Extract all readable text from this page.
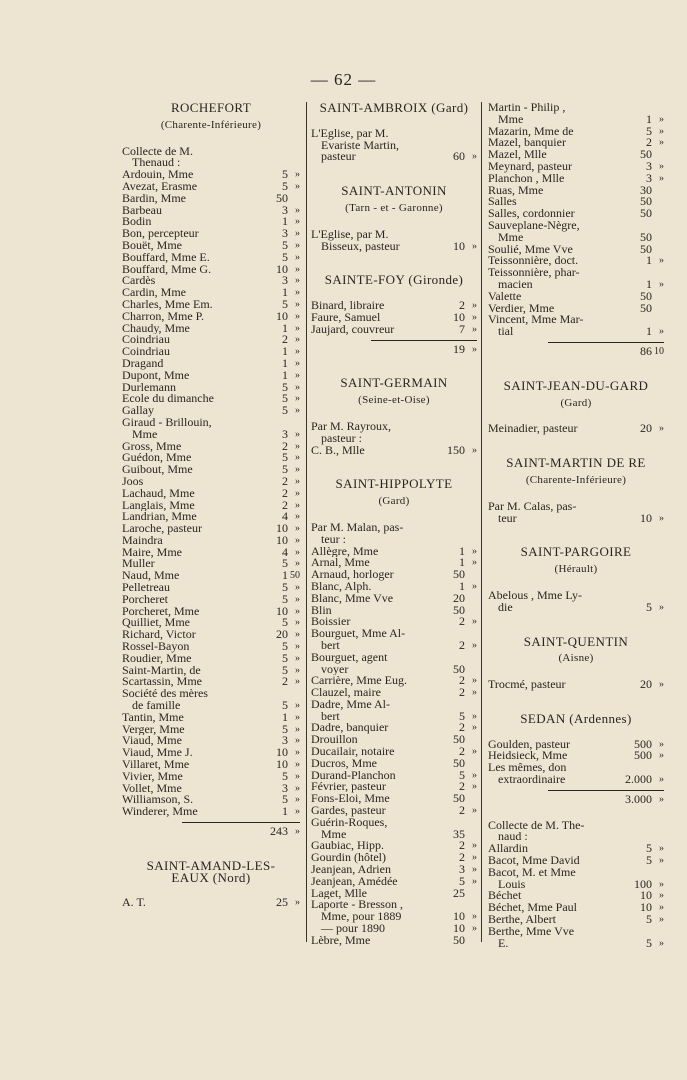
— 62 —
ROCHEFORT
(Charente-Inférieure)
Collecte de M.
Thenaud :
Ardouin, Mme	5 »
Avezat, Erasme	5 »
Bardin, Mme	50
Barbeau	3 »
Bodin	1 »
Bon, percepteur	3 »
Bouët, Mme	5 »
Bouffard, Mme E.	5 »
Bouffard, Mme G.	10 »
Cardès	3 »
Cardin, Mme	1 »
Charles, Mme Em.	5 »
Charron, Mme P.	10 »
Chaudy, Mme	1 »
Coindriau	2 »
Coindriau	1 »
Dragand	1 »
Dupont, Mme	1 »
Durlemann	5 »
Ecole du dimanche	5 »
Gallay	5 »
Giraud - Brillouin,
Mme	3 »
Gross, Mme	2 »
Guédon, Mme	5 »
Guibout, Mme	5 »
Joos	2 »
Lachaud, Mme	2 »
Langlais, Mme	2 »
Landrian, Mme	4 »
Laroche, pasteur	10 »
Maindra	10 »
Maire, Mme	4 »
Muller	5 »
Naud, Mme	1 50
Pelletreau	5 »
Porcheret	5 »
Porcheret, Mme	10 »
Quilliet, Mme	5 »
Richard, Victor	20 »
Rossel-Bayon	5 »
Roudier, Mme	5 »
Saint-Martin, de	5 »
Scartassin, Mme	2 »
Société des mères
de famille	5 »
Tantin, Mme	1 »
Verger, Mme	5 »
Viaud, Mme	3 »
Viaud, Mme J.	10 »
Villaret, Mme	10 »
Vivier, Mme	5 »
Vollet, Mme	3 »
Williamson, S.	5 »
Winderer, Mme	1 »
243 »
SAINT-AMAND-LES-
EAUX (Nord)
A. T.	25 »
SAINT-AMBROIX (Gard)
L'Eglise, par M.
Evariste Martin,
pasteur	60 »
SAINT-ANTONIN
(Tarn - et - Garonne)
L'Eglise, par M.
Bisseux, pasteur	10 »
SAINTE-FOY (Gironde)
Binard, libraire	2 »
Faure, Samuel	10 »
Jaujard, couvreur	7 »
19 »
SAINT-GERMAIN
(Seine-et-Oise)
Par M. Rayroux,
pasteur :
C. B., Mlle	150 »
SAINT-HIPPOLYTE
(Gard)
Par M. Malan, pas-
teur :
Allègre, Mme	1 »
Arnal, Mme	1 »
Arnaud, horloger	50
Blanc, Alph.	1 »
Blanc, Mme Vve	20
Blin	50
Boissier	2 »
Bourguet, Mme Al-
bert	2 »
Bourguet, agent
voyer	50
Carrière, Mme Eug.	2 »
Clauzel, maire	2 »
Dadre, Mme Al-
bert	5 »
Dadre, banquier	2 »
Drouillon	50
Ducailair, notaire	2 »
Ducros, Mme	50
Durand-Planchon	5 »
Février, pasteur	2 »
Fons-Eloi, Mme	50
Gardes, pasteur	2 »
Guérin-Roques,
Mme	35
Gaubiac, Hipp.	2 »
Gourdin (hôtel)	2 »
Jeanjean, Adrien	3 »
Jeanjean, Amédée	5 »
Laget, Mlle	25
Laporte - Bresson ,
Mme, pour 1889	10 »
— pour 1890	10 »
Lèbre, Mme	50
Martin - Philip ,
Mme	1 »
Mazarin, Mme de	5 »
Mazel, banquier	2 »
Mazel, Mlle	50
Meynard, pasteur	3 »
Planchon , Mlle	3 »
Ruas, Mme	30
Salles	50
Salles, cordonnier	50
Sauveplane-Nègre,
Mme	50
Soulié, Mme Vve	50
Teissonnière, doct.	1 »
Teissonnière, phar-
macien	1 »
Valette	50
Verdier, Mme	50
Vincent, Mme Mar-
tial	1 »
86 10
SAINT-JEAN-DU-GARD
(Gard)
Meinadier, pasteur	20 »
SAINT-MARTIN DE RE
(Charente-Inférieure)
Par M. Calas, pas-
teur	10 »
SAINT-PARGOIRE
(Hérault)
Abelous , Mme Ly-
die	5 »
SAINT-QUENTIN
(Aisne)
Trocmé, pasteur	20 »
SEDAN (Ardennes)
Goulden, pasteur	500 »
Heidsieck, Mme	500 »
Les mêmes, don
extraordinaire	2.000 »
3.000 »
Collecte de M. The-
naud :
Allardin	5 »
Bacot, Mme David	5 »
Bacot, M. et Mme
Louis	100 »
Béchet	10 »
Béchet, Mme Paul	10 »
Berthe, Albert	5 »
Berthe, Mme Vve
E.	5 »
